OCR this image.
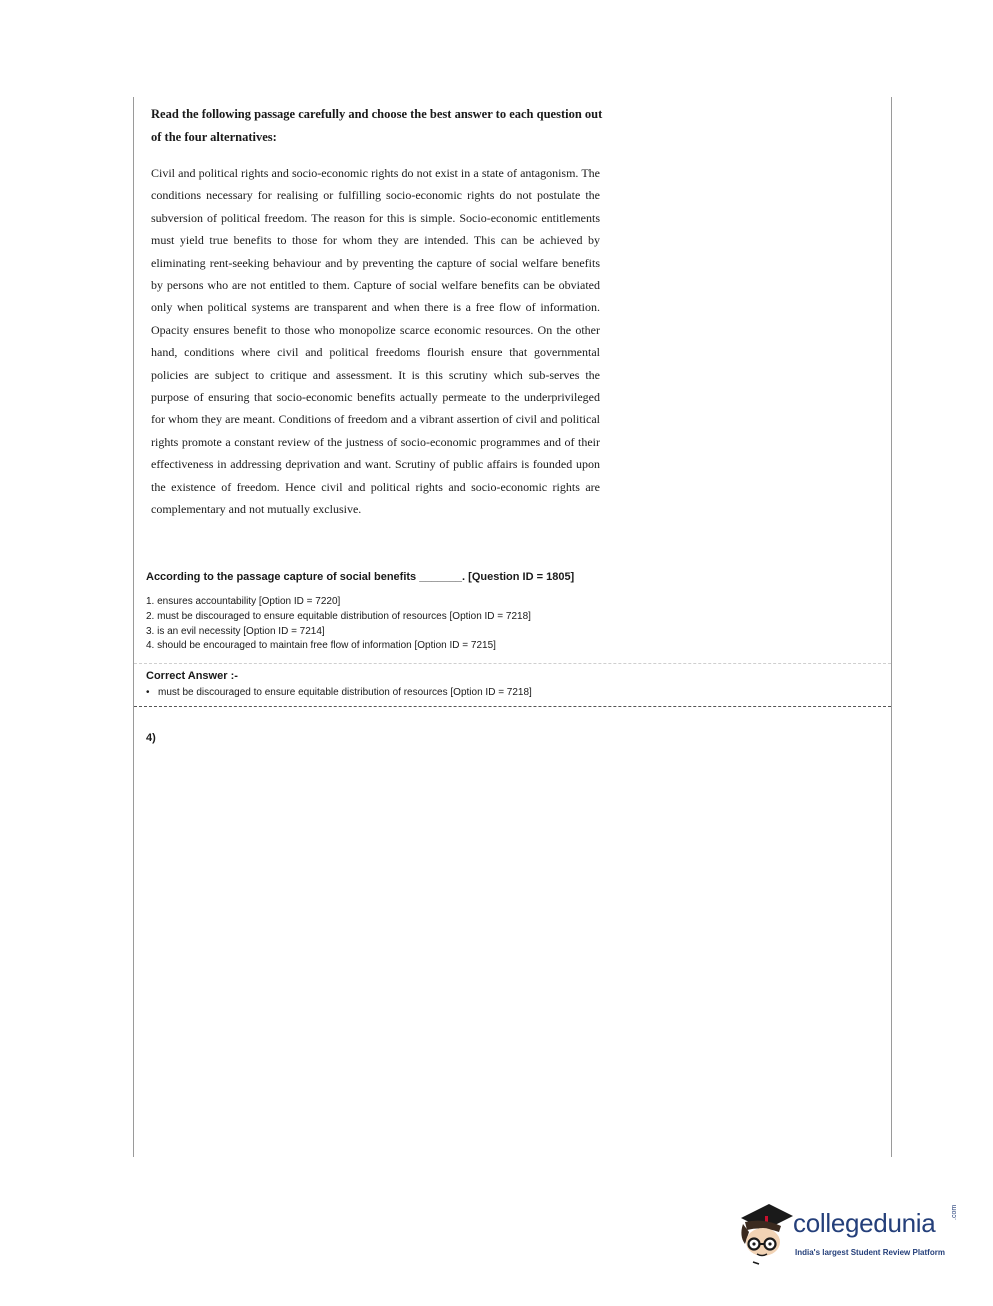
Read the following passage carefully and choose the best answer to each question out of the four alternatives:

Civil and political rights and socio-economic rights do not exist in a state of antagonism. The conditions necessary for realising or fulfilling socio-economic rights do not postulate the subversion of political freedom. The reason for this is simple. Socio-economic entitlements must yield true benefits to those for whom they are intended. This can be achieved by eliminating rent-seeking behaviour and by preventing the capture of social welfare benefits by persons who are not entitled to them. Capture of social welfare benefits can be obviated only when political systems are transparent and when there is a free flow of information. Opacity ensures benefit to those who monopolize scarce economic resources. On the other hand, conditions where civil and political freedoms flourish ensure that governmental policies are subject to critique and assessment. It is this scrutiny which sub-serves the purpose of ensuring that socio-economic benefits actually permeate to the underprivileged for whom they are meant. Conditions of freedom and a vibrant assertion of civil and political rights promote a constant review of the justness of socio-economic programmes and of their effectiveness in addressing deprivation and want. Scrutiny of public affairs is founded upon the existence of freedom. Hence civil and political rights and socio-economic rights are complementary and not mutually exclusive.

According to the passage capture of social benefits _______. [Question ID = 1805]
1. ensures accountability [Option ID = 7220]
2. must be discouraged to ensure equitable distribution of resources [Option ID = 7218]
3. is an evil necessity [Option ID = 7214]
4. should be encouraged to maintain free flow of information [Option ID = 7215]
Correct Answer :-
• must be discouraged to ensure equitable distribution of resources [Option ID = 7218]
4)
collegedunia .com
India's largest Student Review Platform
